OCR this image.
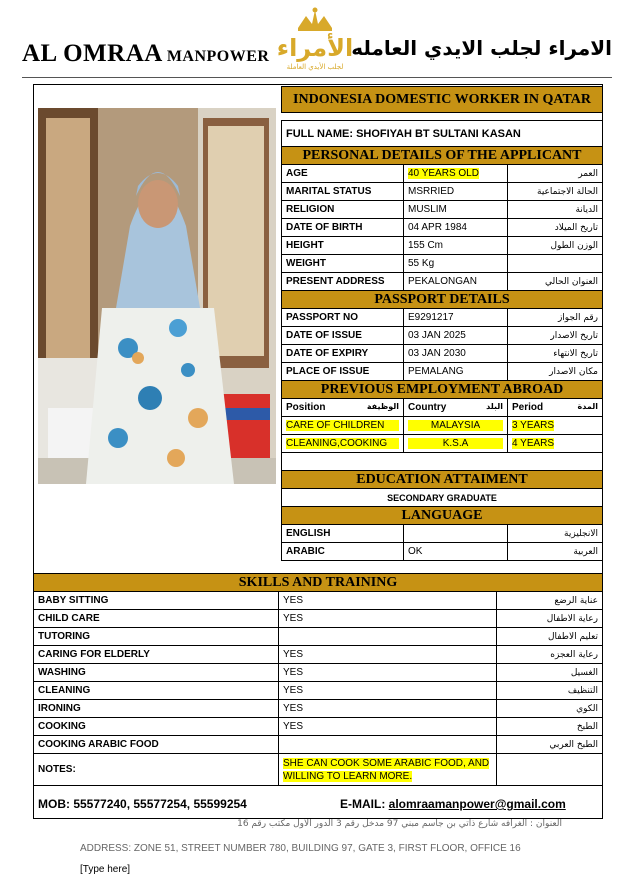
AL OMRAA MANPOWER الأمراء
لجلب الأيدي العاملة
الامراء لجلب الايدي العامله
INDONESIA DOMESTIC WORKER IN QATAR		

FULL NAME: SHOFIYAH BT SULTANI KASAN		
PERSONAL DETAILS OF THE APPLICANT		
AGE	40 YEARS OLD	العمر
MARITAL STATUS	MSRRIED	الحالة الاجتماعية
RELIGION	MUSLIM	الديانة
DATE OF BIRTH	04 APR 1984	تاريخ الميلاد
HEIGHT	155 Cm	الوزن الطول
WEIGHT	55 Kg	
PRESENT ADDRESS	PEKALONGAN	العنوان الحالي
PASSPORT DETAILS		
PASSPORT NO	E9291217	رقم الجواز
DATE OF ISSUE	03 JAN 2025	تاريخ الاصدار
DATE OF EXPIRY	03 JAN 2030	تاريخ الانتهاء
PLACE OF ISSUE	PEMALANG	مكان الاصدار
PREVIOUS EMPLOYMENT ABROAD		
Position الوظيفة	Country البلد	Period المدة

CARE OF CHILDREN	MALAYSIA	3 YEARS

CLEANING,COOKING	K.S.A	4 YEARS

EDUCATION ATTAIMENT		
SECONDARY GRADUATE		
LANGUAGE		
ENGLISH		الانجليزية
ARABIC	OK	العربية
SKILLS AND TRAINING		
BABY SITTING	YES	عناية الرضع
CHILD CARE	YES	رعاية الاطفال
TUTORING		تعليم الاطفال
CARING FOR ELDERLY	YES	رعاية العجزه
WASHING	YES	الغسيل
CLEANING	YES	التنظيف
IRONING	YES	الكوي
COOKING	YES	الطبخ
COOKING ARABIC FOOD		الطبخ العربي
NOTES:	SHE CAN COOK SOME ARABIC FOOD, AND WILLING TO LEARN MORE.	
MOB: 55577240, 55577254, 55599254	E-MAIL: alomraamanpower@gmail.com
العنوان : الغرافه شارع ذاتي بن جاسم مبني 97 مدخل رقم 3 الدور الاول مكتب رقم 16
ADDRESS: ZONE 51, STREET NUMBER 780, BUILDING 97, GATE 3, FIRST FLOOR, OFFICE 16
[Type here]
